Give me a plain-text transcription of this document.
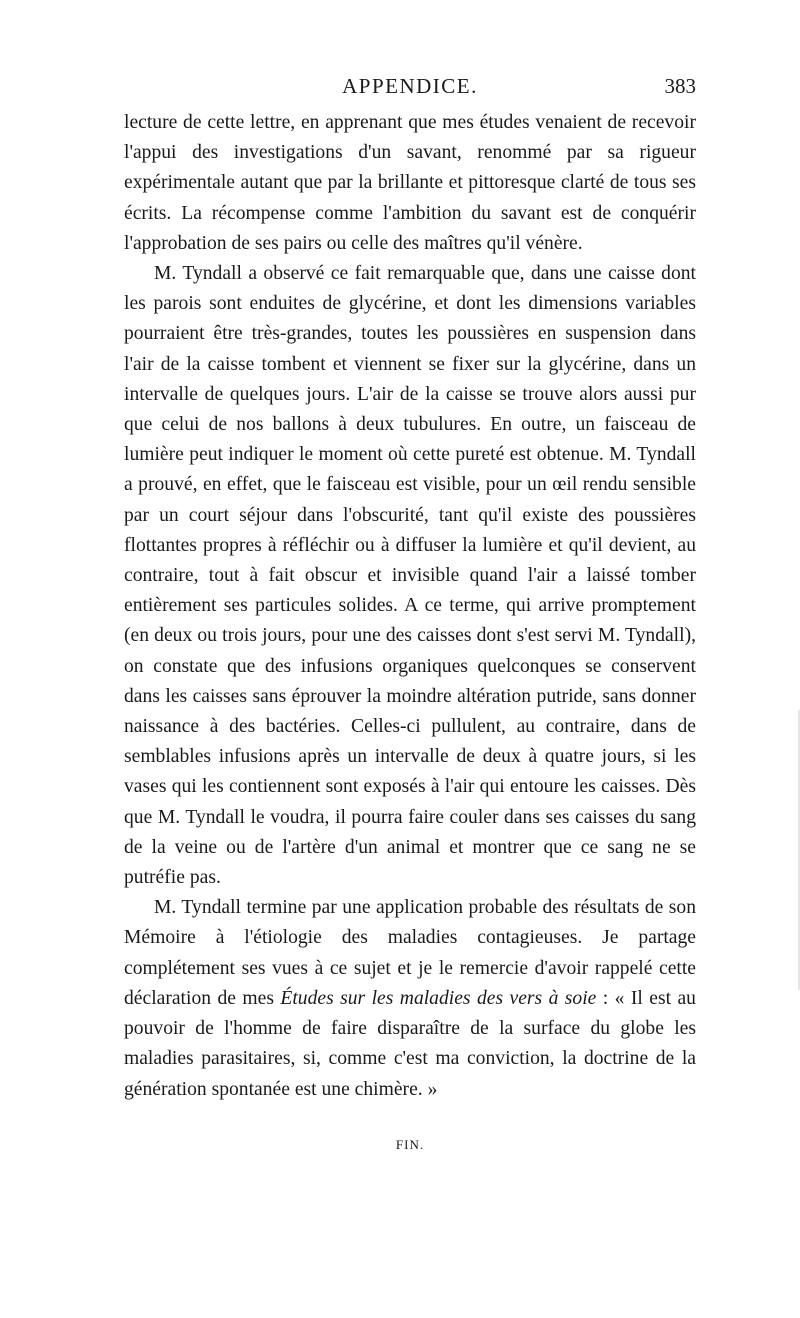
APPENDICE.	383

lecture de cette lettre, en apprenant que mes études venaient de recevoir l'appui des investigations d'un savant, renommé par sa rigueur expérimentale autant que par la brillante et pittoresque clarté de tous ses écrits. La récompense comme l'ambition du savant est de conquérir l'approbation de ses pairs ou celle des maîtres qu'il vénère.

M. Tyndall a observé ce fait remarquable que, dans une caisse dont les parois sont enduites de glycérine, et dont les dimensions variables pourraient être très-grandes, toutes les poussières en suspension dans l'air de la caisse tombent et viennent se fixer sur la glycérine, dans un intervalle de quelques jours. L'air de la caisse se trouve alors aussi pur que celui de nos ballons à deux tubulures. En outre, un faisceau de lumière peut indiquer le moment où cette pureté est obtenue. M. Tyndall a prouvé, en effet, que le faisceau est visible, pour un œil rendu sensible par un court séjour dans l'obscurité, tant qu'il existe des poussières flottantes propres à réfléchir ou à diffuser la lumière et qu'il devient, au contraire, tout à fait obscur et invisible quand l'air a laissé tomber entièrement ses particules solides. A ce terme, qui arrive promptement (en deux ou trois jours, pour une des caisses dont s'est servi M. Tyndall), on constate que des infusions organiques quelconques se conservent dans les caisses sans éprouver la moindre altération putride, sans donner naissance à des bactéries. Celles-ci pullulent, au contraire, dans de semblables infusions après un intervalle de deux à quatre jours, si les vases qui les contiennent sont exposés à l'air qui entoure les caisses. Dès que M. Tyndall le voudra, il pourra faire couler dans ses caisses du sang de la veine ou de l'artère d'un animal et montrer que ce sang ne se putréfie pas.

M. Tyndall termine par une application probable des résultats de son Mémoire à l'étiologie des maladies contagieuses. Je partage complétement ses vues à ce sujet et je le remercie d'avoir rappelé cette déclaration de mes Études sur les maladies des vers à soie : « Il est au pouvoir de l'homme de faire disparaître de la surface du globe les maladies parasitaires, si, comme c'est ma conviction, la doctrine de la génération spontanée est une chimère. »

FIN.
